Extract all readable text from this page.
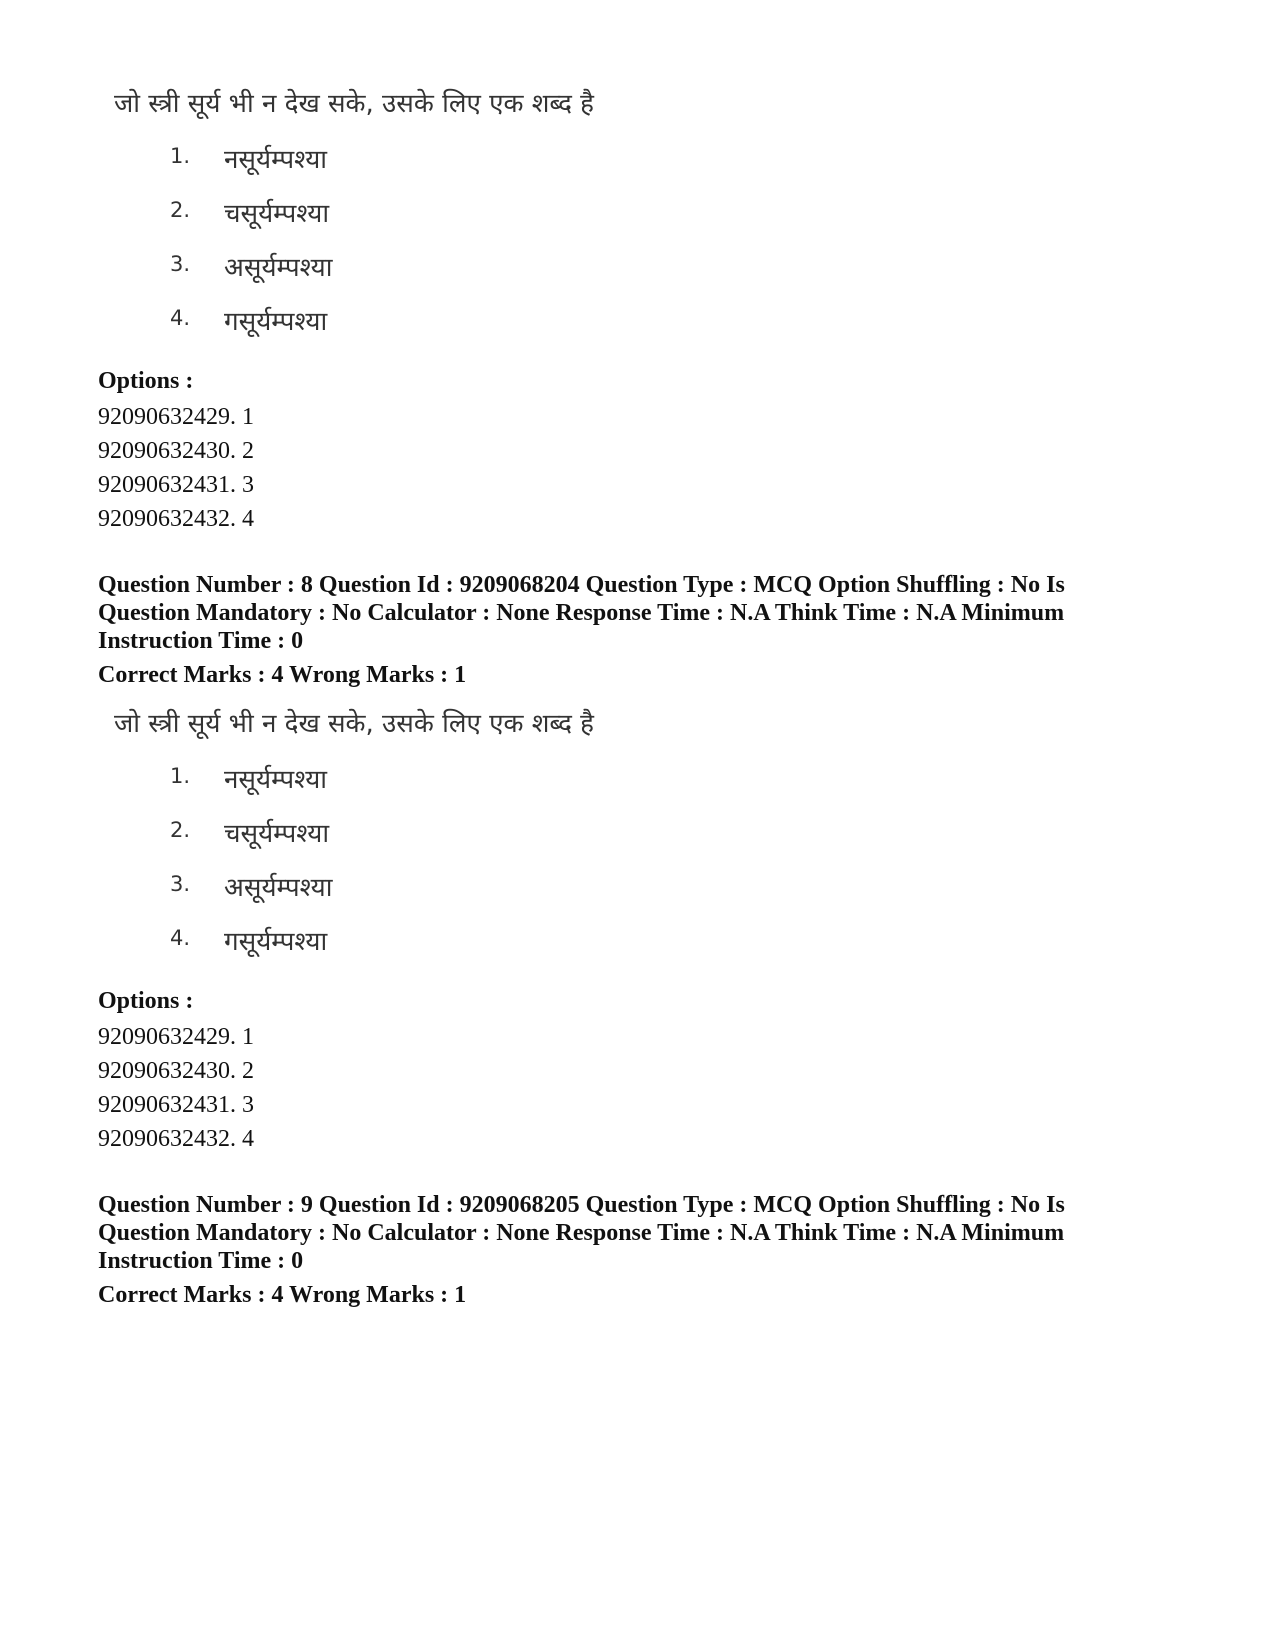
जो स्त्री सूर्य भी न देख सके, उसके लिए एक शब्द है
1. नसूर्यम्पश्या
2. चसूर्यम्पश्या
3. असूर्यम्पश्या
4. गसूर्यम्पश्या
Options :
92090632429. 1
92090632430. 2
92090632431. 3
92090632432. 4
Question Number : 8 Question Id : 9209068204 Question Type : MCQ Option Shuffling : No Is
Question Mandatory : No Calculator : None Response Time : N.A Think Time : N.A Minimum
Instruction Time : 0
Correct Marks : 4 Wrong Marks : 1
जो स्त्री सूर्य भी न देख सके, उसके लिए एक शब्द है
1. नसूर्यम्पश्या
2. चसूर्यम्पश्या
3. असूर्यम्पश्या
4. गसूर्यम्पश्या
Options :
92090632429. 1
92090632430. 2
92090632431. 3
92090632432. 4
Question Number : 9 Question Id : 9209068205 Question Type : MCQ Option Shuffling : No Is
Question Mandatory : No Calculator : None Response Time : N.A Think Time : N.A Minimum
Instruction Time : 0
Correct Marks : 4 Wrong Marks : 1
